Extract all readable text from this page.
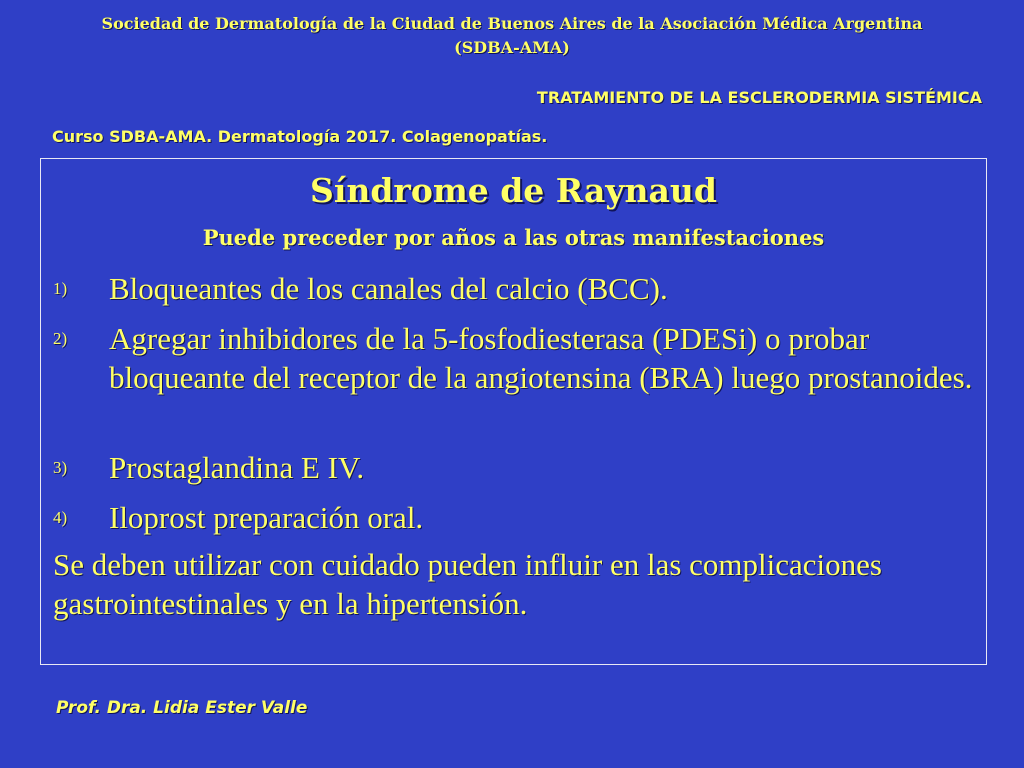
Sociedad de Dermatología de la Ciudad de Buenos Aires de la Asociación Médica Argentina
(SDBA-AMA)
TRATAMIENTO DE LA ESCLERODERMIA SISTÉMICA
Curso SDBA-AMA. Dermatología 2017. Colagenopatías.
Síndrome de Raynaud
Puede preceder por años a las otras manifestaciones
1) Bloqueantes de los canales del calcio (BCC).
2) Agregar inhibidores de la 5-fosfodiesterasa (PDESi) o probar bloqueante del receptor de la angiotensina (BRA) luego prostanoides.
3) Prostaglandina E IV.
4) Iloprost preparación oral.
Se deben utilizar con cuidado pueden influir en las complicaciones gastrointestinales y en la hipertensión.
Prof. Dra. Lidia Ester Valle
